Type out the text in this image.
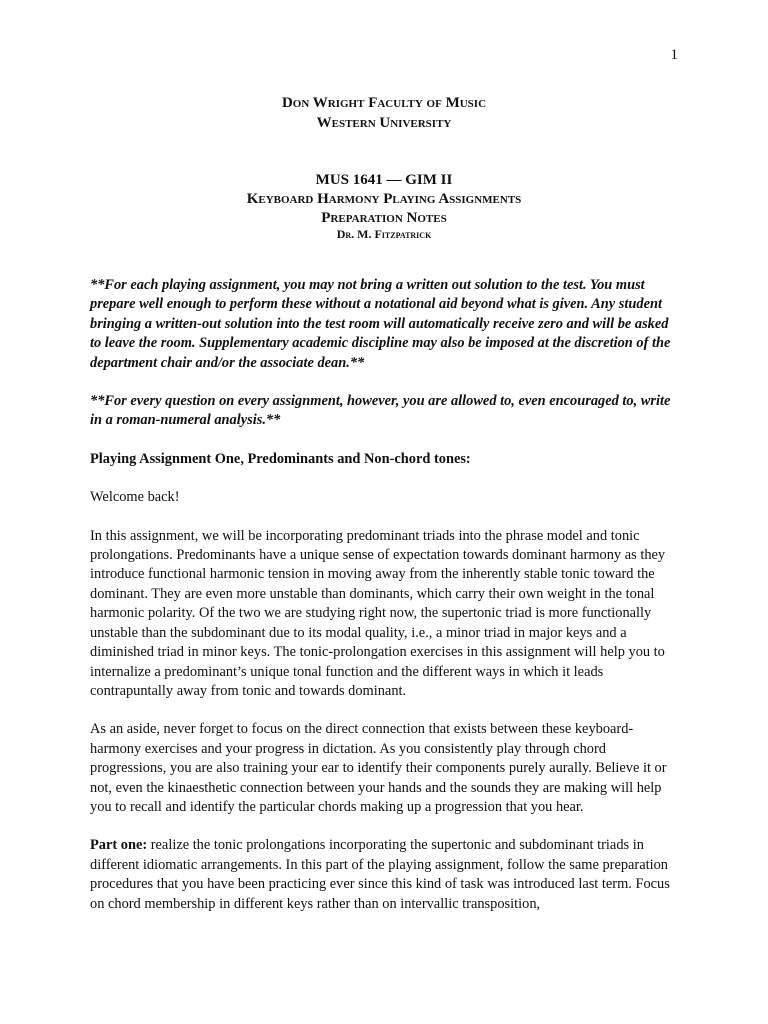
1
Don Wright Faculty of Music
Western University
MUS 1641 — GIM II
Keyboard Harmony Playing Assignments
Preparation Notes
Dr. M. Fitzpatrick

**For each playing assignment, you may not bring a written out solution to the test. You must prepare well enough to perform these without a notational aid beyond what is given. Any student bringing a written-out solution into the test room will automatically receive zero and will be asked to leave the room. Supplementary academic discipline may also be imposed at the discretion of the department chair and/or the associate dean.**

**For every question on every assignment, however, you are allowed to, even encouraged to, write in a roman-numeral analysis.**

Playing Assignment One, Predominants and Non-chord tones:

Welcome back!

In this assignment, we will be incorporating predominant triads into the phrase model and tonic prolongations. Predominants have a unique sense of expectation towards dominant harmony as they introduce functional harmonic tension in moving away from the inherently stable tonic toward the dominant. They are even more unstable than dominants, which carry their own weight in the tonal harmonic polarity. Of the two we are studying right now, the supertonic triad is more functionally unstable than the subdominant due to its modal quality, i.e., a minor triad in major keys and a diminished triad in minor keys. The tonic-prolongation exercises in this assignment will help you to internalize a predominant’s unique tonal function and the different ways in which it leads contrapuntally away from tonic and towards dominant.

As an aside, never forget to focus on the direct connection that exists between these keyboard-harmony exercises and your progress in dictation. As you consistently play through chord progressions, you are also training your ear to identify their components purely aurally. Believe it or not, even the kinaesthetic connection between your hands and the sounds they are making will help you to recall and identify the particular chords making up a progression that you hear.

Part one: realize the tonic prolongations incorporating the supertonic and subdominant triads in different idiomatic arrangements. In this part of the playing assignment, follow the same preparation procedures that you have been practicing ever since this kind of task was introduced last term. Focus on chord membership in different keys rather than on intervallic transposition,
